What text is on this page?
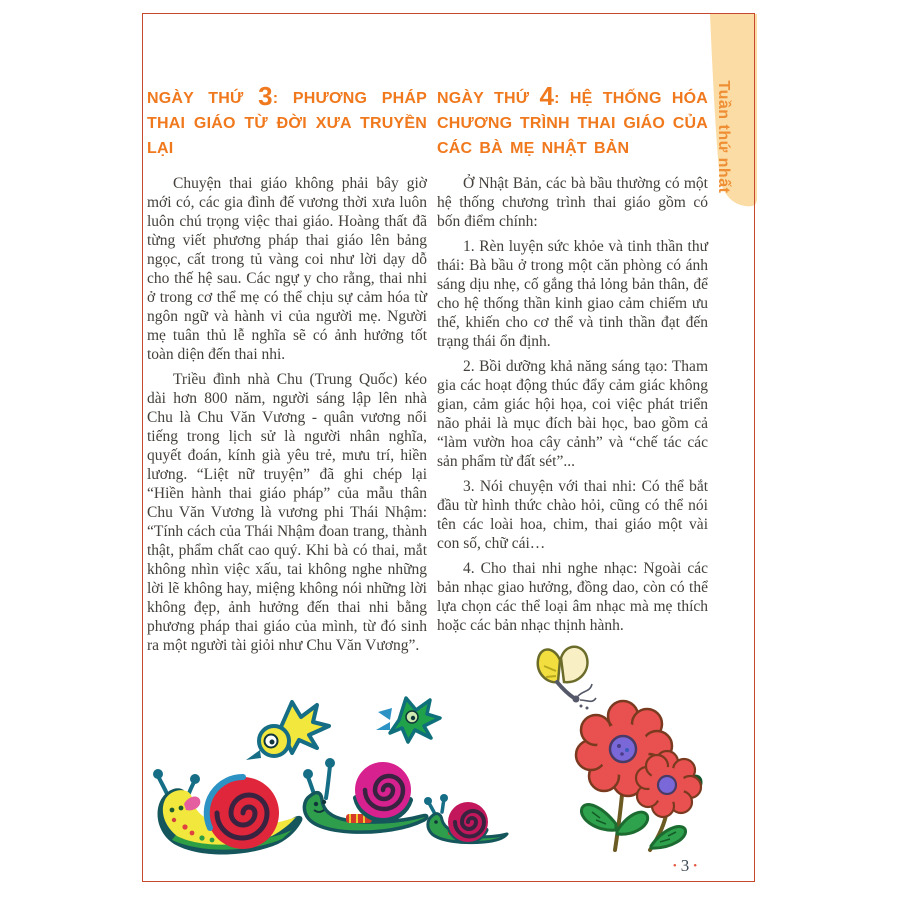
Tuần thứ nhất
NGÀY THỨ 3: PHƯƠNG PHÁP THAI GIÁO TỪ ĐỜI XƯA TRUYỀN LẠI

Chuyện thai giáo không phải bây giờ mới có, các gia đình đế vương thời xưa luôn luôn chú trọng việc thai giáo. Hoàng thất đã từng viết phương pháp thai giáo lên bảng ngọc, cất trong tủ vàng coi như lời dạy dỗ cho thế hệ sau. Các ngự y cho rằng, thai nhi ở trong cơ thể mẹ có thể chịu sự cảm hóa từ ngôn ngữ và hành vi của người mẹ. Người mẹ tuân thủ lễ nghĩa sẽ có ảnh hưởng tốt toàn diện đến thai nhi.

Triều đình nhà Chu (Trung Quốc) kéo dài hơn 800 năm, người sáng lập lên nhà Chu là Chu Văn Vương - quân vương nổi tiếng trong lịch sử là người nhân nghĩa, quyết đoán, kính già yêu trẻ, mưu trí, hiền lương. “Liệt nữ truyện” đã ghi chép lại “Hiền hành thai giáo pháp” của mẫu thân Chu Văn Vương là vương phi Thái Nhậm: “Tính cách của Thái Nhậm đoan trang, thành thật, phẩm chất cao quý. Khi bà có thai, mắt không nhìn việc xấu, tai không nghe những lời lẽ không hay, miệng không nói những lời không đẹp, ảnh hưởng đến thai nhi bằng phương pháp thai giáo của mình, từ đó sinh ra một người tài giỏi như Chu Văn Vương”.

NGÀY THỨ 4: HỆ THỐNG HÓA CHƯƠNG TRÌNH THAI GIÁO CỦA CÁC BÀ MẸ NHẬT BẢN

Ở Nhật Bản, các bà bầu thường có một hệ thống chương trình thai giáo gồm có bốn điểm chính:

1. Rèn luyện sức khỏe và tinh thần thư thái: Bà bầu ở trong một căn phòng có ánh sáng dịu nhẹ, cố gắng thả lỏng bản thân, để cho hệ thống thần kinh giao cảm chiếm ưu thế, khiến cho cơ thể và tinh thần đạt đến trạng thái ổn định.

2. Bồi dưỡng khả năng sáng tạo: Tham gia các hoạt động thúc đẩy cảm giác không gian, cảm giác hội họa, coi việc phát triển não phải là mục đích bài học, bao gồm cả “làm vườn hoa cây cảnh” và “chế tác các sản phẩm từ đất sét”...

3. Nói chuyện với thai nhi: Có thể bắt đầu từ hình thức chào hỏi, cũng có thể nói tên các loài hoa, chim, thai giáo một vài con số, chữ cái…

4. Cho thai nhi nghe nhạc: Ngoài các bản nhạc giao hưởng, đồng dao, còn có thể lựa chọn các thể loại âm nhạc mà mẹ thích hoặc các bản nhạc thịnh hành.

• 3 •
